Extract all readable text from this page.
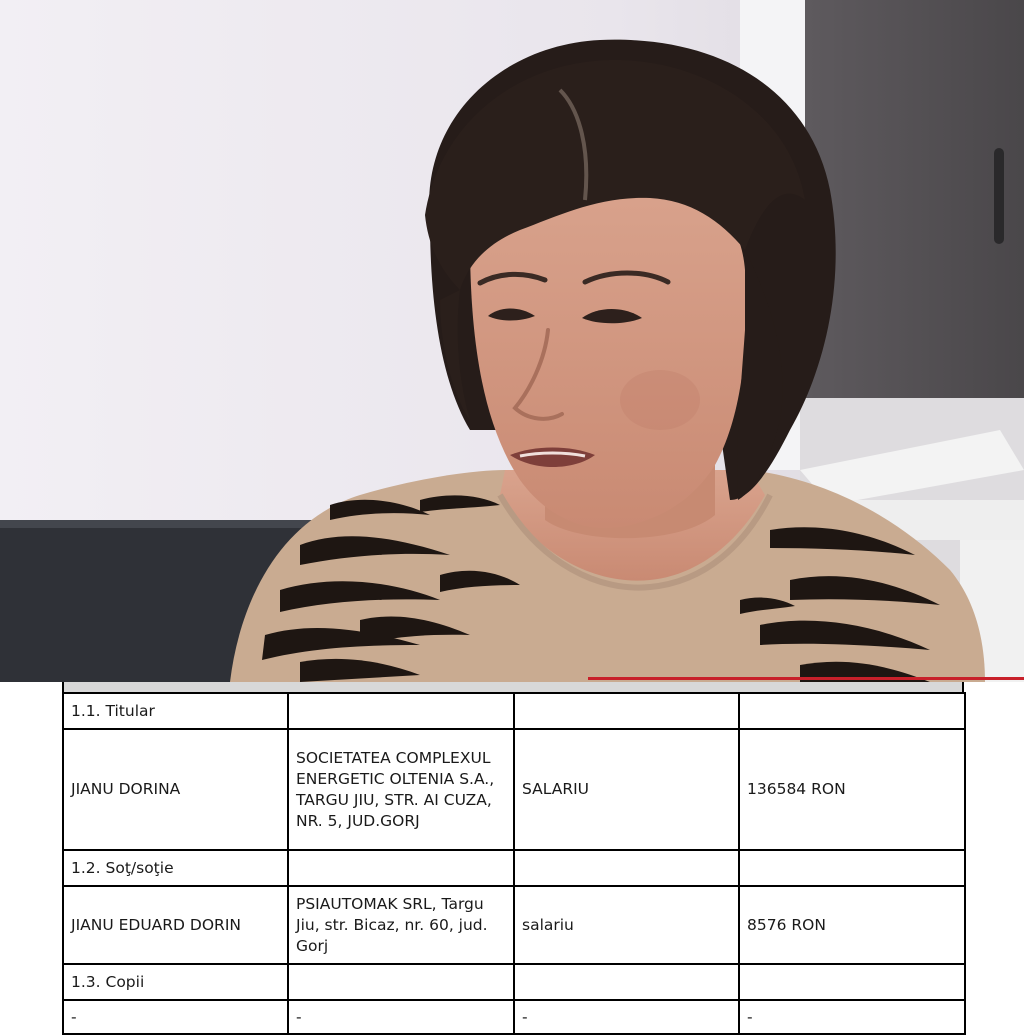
1.1. Titular			
JIANU DORINA	SOCIETATEA COMPLEXUL ENERGETIC OLTENIA S.A., TARGU JIU, STR. AI CUZA, NR. 5, JUD.GORJ	SALARIU	136584 RON
1.2. Soţ/soţie			
JIANU EDUARD DORIN	PSIAUTOMAK SRL, Targu Jiu, str. Bicaz, nr. 60, jud. Gorj	salariu	8576 RON
1.3. Copii			
-	-	-	-
